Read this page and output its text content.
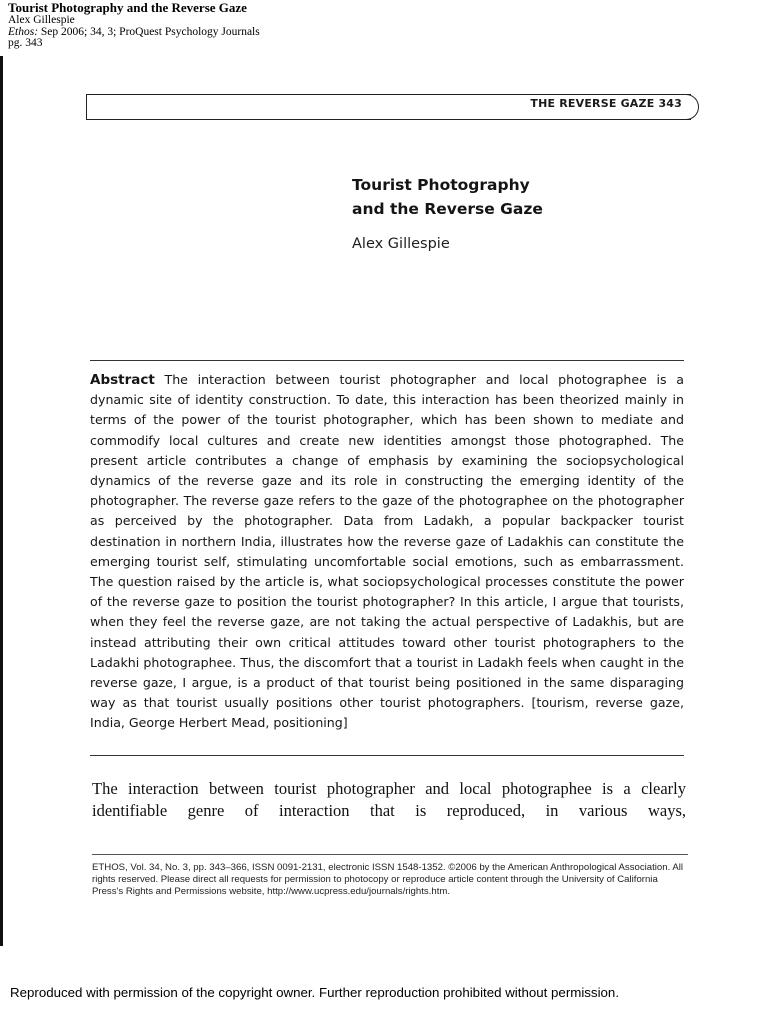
Tourist Photography and the Reverse Gaze
Alex Gillespie
Ethos: Sep 2006; 34, 3; ProQuest Psychology Journals
pg. 343
THE REVERSE GAZE 343
Tourist Photography
and the Reverse Gaze
Alex Gillespie
Abstract The interaction between tourist photographer and local photographee is a dynamic site of identity construction. To date, this interaction has been theorized mainly in terms of the power of the tourist photographer, which has been shown to mediate and commodify local cultures and create new identities amongst those photographed. The present article contributes a change of emphasis by examining the sociopsychological dynamics of the reverse gaze and its role in constructing the emerging identity of the photographer. The reverse gaze refers to the gaze of the photographee on the photographer as perceived by the photographer. Data from Ladakh, a popular backpacker tourist destination in northern India, illustrates how the reverse gaze of Ladakhis can constitute the emerging tourist self, stimulating uncomfortable social emotions, such as embarrassment. The question raised by the article is, what sociopsychological processes constitute the power of the reverse gaze to position the tourist photographer? In this article, I argue that tourists, when they feel the reverse gaze, are not taking the actual perspective of Ladakhis, but are instead attributing their own critical attitudes toward other tourist photographers to the Ladakhi photographee. Thus, the discomfort that a tourist in Ladakh feels when caught in the reverse gaze, I argue, is a product of that tourist being positioned in the same disparaging way as that tourist usually positions other tourist photographers. [tourism, reverse gaze, India, George Herbert Mead, positioning]
The interaction between tourist photographer and local photographee is a clearly identifiable genre of interaction that is reproduced, in various ways,
ETHOS, Vol. 34, No. 3, pp. 343–366, ISSN 0091-2131, electronic ISSN 1548-1352. ©2006 by the American Anthropological Association. All rights reserved. Please direct all requests for permission to photocopy or reproduce article content through the University of California Press's Rights and Permissions website, http://www.ucpress.edu/journals/rights.htm.
Reproduced with permission of the copyright owner. Further reproduction prohibited without permission.
